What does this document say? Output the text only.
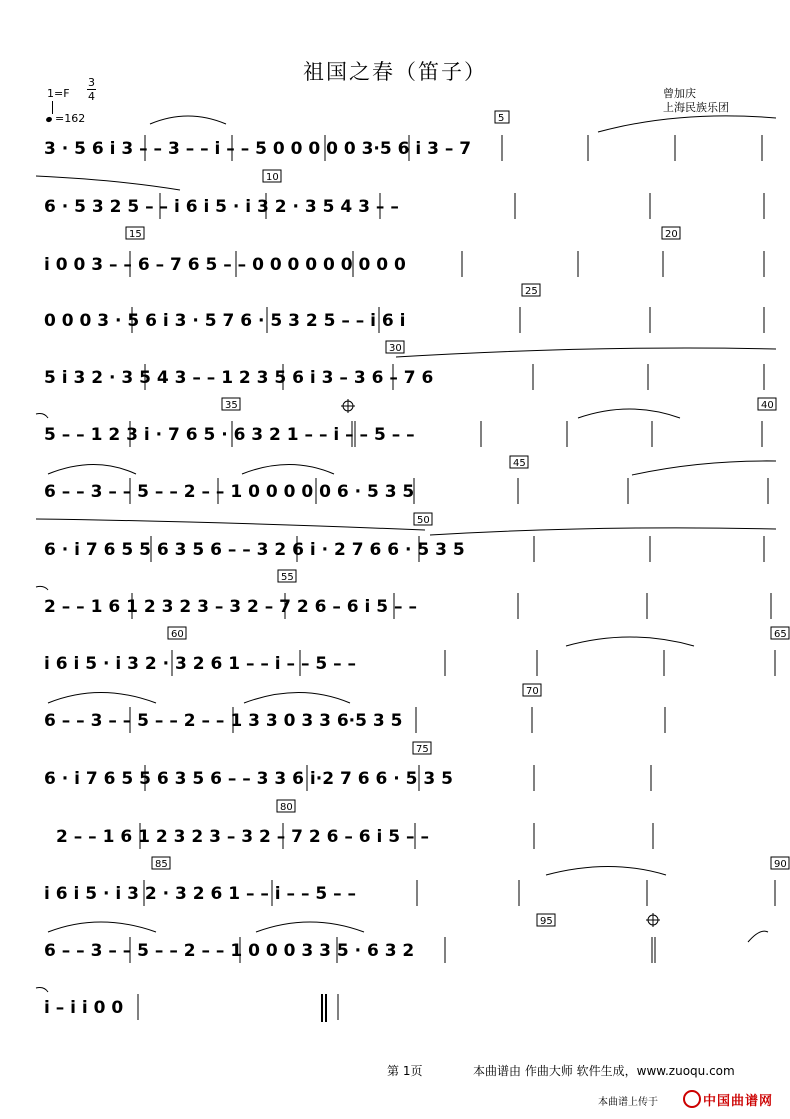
祖国之春（笛子）
1=F
3
4
=162
曾加庆
上海民族乐团
5
10
15	20
25
30
35	40
45
50
55
60	65
70
75
80
85	90
95
3 · 5 6 i 3 – – 3 – – i – – 5 0 0 0 0 0 3·5 6 i 3 – 7
6 · 5 3 2 5 – – i 6 i 5 · i 3 2 · 3 5 4 3 – –
i 0 0 3 – – 6 – 7 6 5 – – 0 0 0 0 0 0 0 0 0
0 0 0 3 · 5 6 i 3 · 5 7 6 · 5 3 2 5 – – i 6 i
5 i 3 2 · 3 5 4 3 – – 1 2 3 5 6 i 3 – 3 6 – 7 6
5 – – 1 2 3 i · 7 6 5 · 6 3 2 1 – – i – – 5 – –
6 – – 3 – – 5 – – 2 – – 1 0 0 0 0 0 6 · 5 3 5
6 · i 7 6 5 5 6 3 5 6 – – 3 2 6 i · 2 7 6 6 · 5 3 5
2 – – 1 6 1 2 3 2 3 – 3 2 – 7 2 6 – 6 i 5 – –
i 6 i 5 · i 3 2 · 3 2 6 1 – – i – – 5 – –
6 – – 3 – – 5 – – 2 – – 1 3 3 0 3 3 6·5 3 5
6 · i 7 6 5 5 6 3 5 6 – – 3 3 6 i·2 7 6 6 · 5 3 5
2 – – 1 6 1 2 3 2 3 – 3 2 – 7 2 6 – 6 i 5 – –
i 6 i 5 · i 3 2 · 3 2 6 1 – – i – – 5 – –
6 – – 3 – – 5 – – 2 – – 1 0 0 0 3 3 5 · 6 3 2
i – i i 0 0
第 1页	本曲谱由 作曲大师 软件生成，www.zuoqu.com
本曲谱上传于	中国曲谱网
